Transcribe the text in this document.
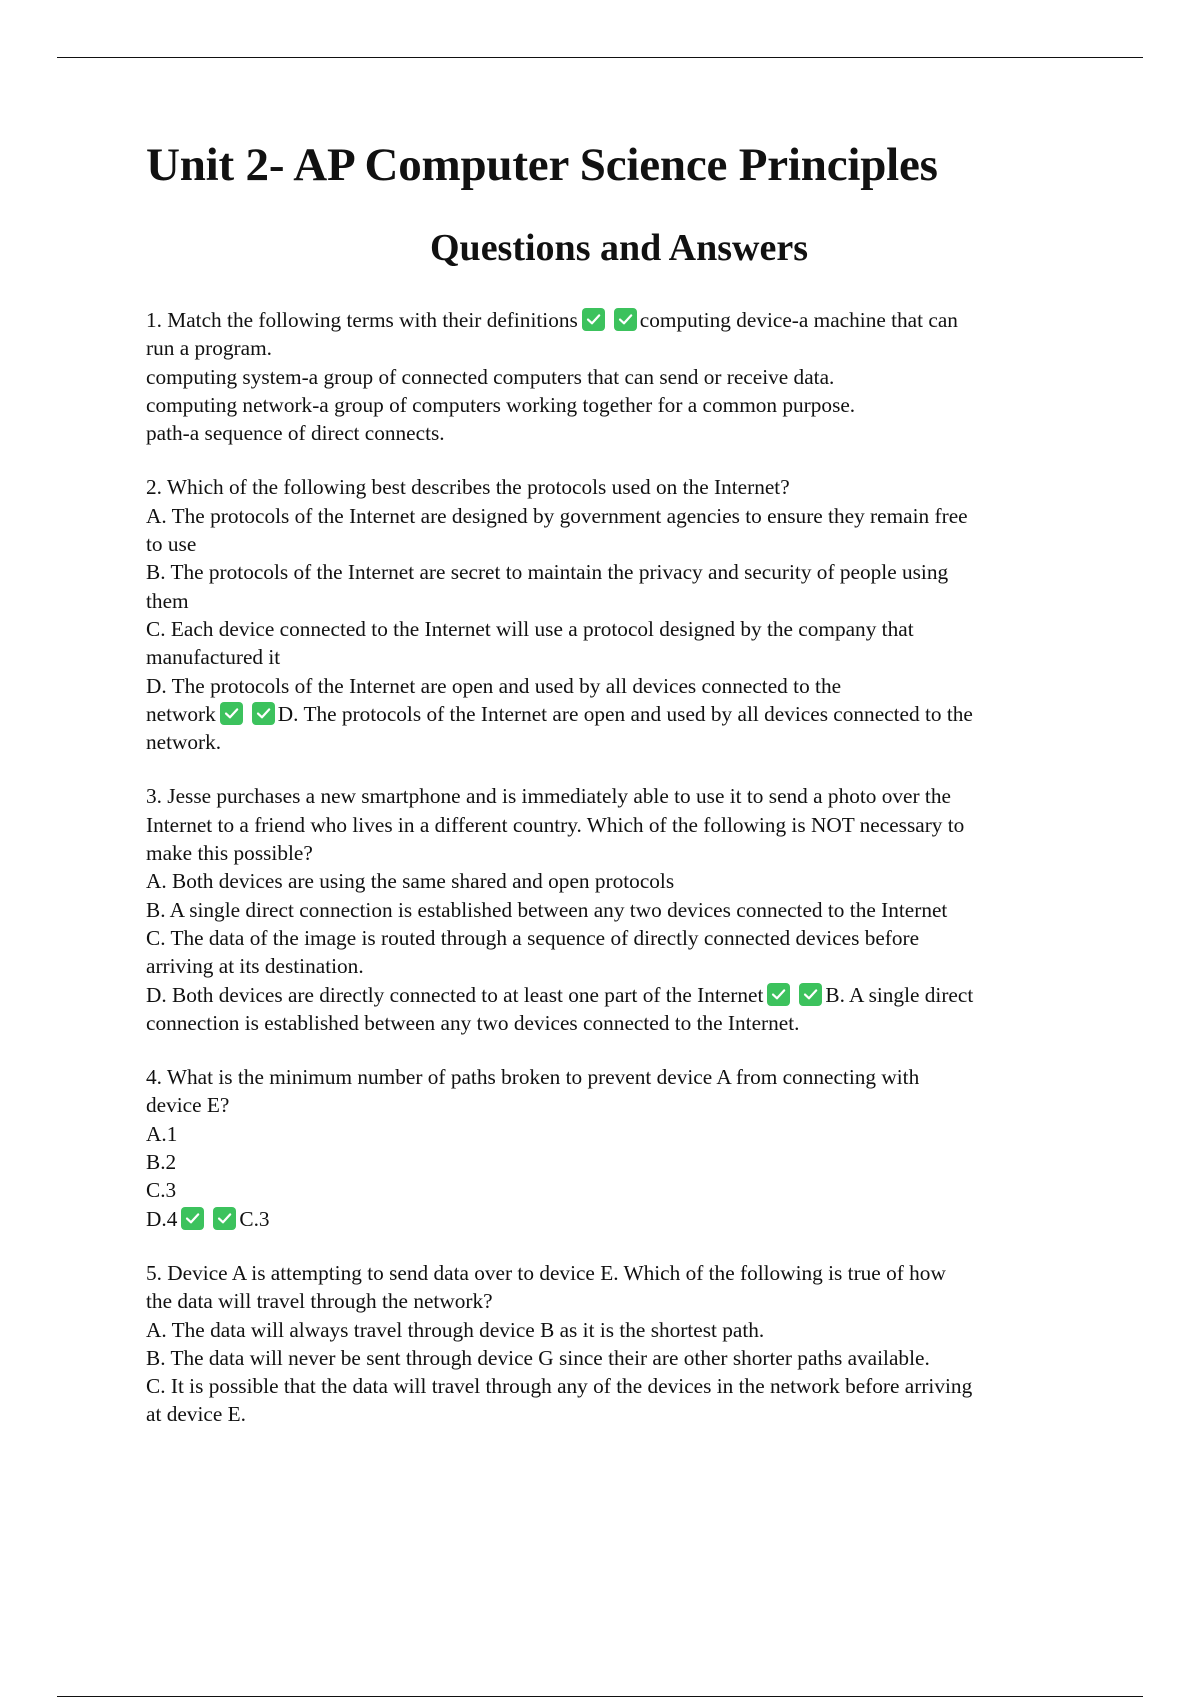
Unit 2- AP Computer Science Principles
Questions and Answers
1. Match the following terms with their definitions	computing device-a machine that can
run a program.
computing system-a group of connected computers that can send or receive data.
computing network-a group of computers working together for a common purpose.
path-a sequence of direct connects.
2. Which of the following best describes the protocols used on the Internet?
A. The protocols of the Internet are designed by government agencies to ensure they remain free
to use
B. The protocols of the Internet are secret to maintain the privacy and security of people using
them
C. Each device connected to the Internet will use a protocol designed by the company that
manufactured it
D. The protocols of the Internet are open and used by all devices connected to the
network	D. The protocols of the Internet are open and used by all devices connected to the
network.
3. Jesse purchases a new smartphone and is immediately able to use it to send a photo over the
Internet to a friend who lives in a different country. Which of the following is NOT necessary to
make this possible?
A. Both devices are using the same shared and open protocols
B. A single direct connection is established between any two devices connected to the Internet
C. The data of the image is routed through a sequence of directly connected devices before
arriving at its destination.
D. Both devices are directly connected to at least one part of the Internet	B. A single direct
connection is established between any two devices connected to the Internet.
4. What is the minimum number of paths broken to prevent device A from connecting with
device E?
A.1
B.2
C.3
D.4	C.3
5. Device A is attempting to send data over to device E. Which of the following is true of how
the data will travel through the network?
A. The data will always travel through device B as it is the shortest path.
B. The data will never be sent through device G since their are other shorter paths available.
C. It is possible that the data will travel through any of the devices in the network before arriving
at device E.
